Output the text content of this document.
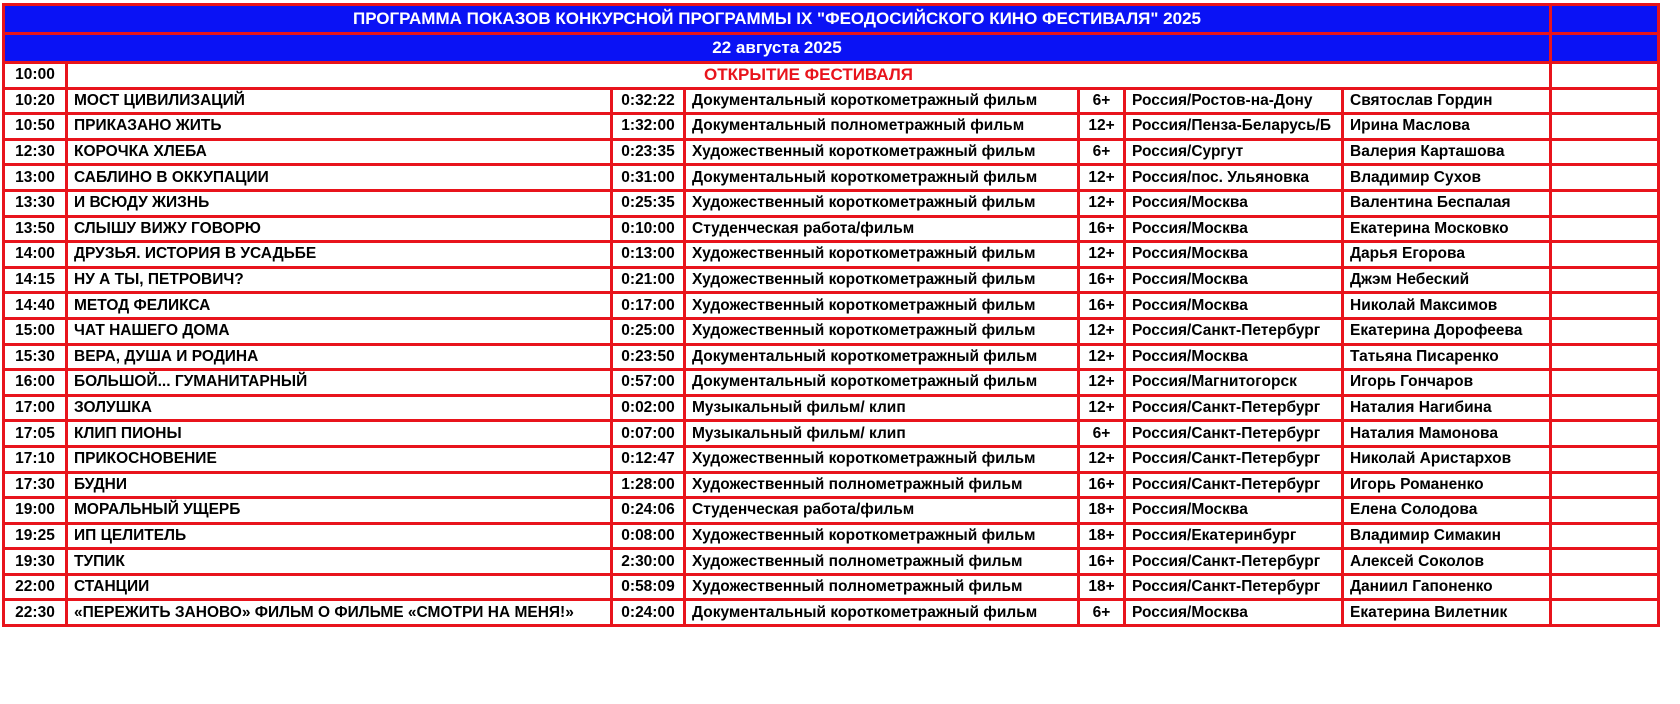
ПРОГРАММА ПОКАЗОВ КОНКУРСНОЙ ПРОГРАММЫ IX "ФЕОДОСИЙСКОГО КИНО ФЕСТИВАЛЯ" 2025							
22 августа 2025							
10:00	ОТКРЫТИЕ ФЕСТИВАЛЯ						
10:20	МОСТ ЦИВИЛИЗАЦИЙ	0:32:22	Документальный короткометражный фильм	6+	Россия/Ростов-на-Дону	Святослав Гордин	
10:50	ПРИКАЗАНО ЖИТЬ	1:32:00	Документальный полнометражный фильм	12+	Россия/Пенза-Беларусь/Б	Ирина Маслова	
12:30	КОРОЧКА ХЛЕБА	0:23:35	Художественный короткометражный фильм	6+	Россия/Сургут	Валерия Карташова	
13:00	САБЛИНО В ОККУПАЦИИ	0:31:00	Документальный короткометражный фильм	12+	Россия/пос. Ульяновка	Владимир Сухов	
13:30	И ВСЮДУ ЖИЗНЬ	0:25:35	Художественный короткометражный фильм	12+	Россия/Москва	Валентина Беспалая	
13:50	СЛЫШУ ВИЖУ ГОВОРЮ	0:10:00	Студенческая работа/фильм	16+	Россия/Москва	Екатерина Московко	
14:00	ДРУЗЬЯ. ИСТОРИЯ В УСАДЬБЕ	0:13:00	Художественный короткометражный фильм	12+	Россия/Москва	Дарья Егорова	
14:15	НУ А ТЫ, ПЕТРОВИЧ?	0:21:00	Художественный короткометражный фильм	16+	Россия/Москва	Джэм Небеский	
14:40	МЕТОД ФЕЛИКСА	0:17:00	Художественный короткометражный фильм	16+	Россия/Москва	Николай Максимов	
15:00	ЧАТ НАШЕГО ДОМА	0:25:00	Художественный короткометражный фильм	12+	Россия/Санкт-Петербург	Екатерина Дорофеева	
15:30	ВЕРА, ДУША И РОДИНА	0:23:50	Документальный короткометражный фильм	12+	Россия/Москва	Татьяна Писаренко	
16:00	БОЛЬШОЙ... ГУМАНИТАРНЫЙ	0:57:00	Документальный короткометражный фильм	12+	Россия/Магнитогорск	Игорь Гончаров	
17:00	ЗОЛУШКА	0:02:00	Музыкальный фильм/ клип	12+	Россия/Санкт-Петербург	Наталия Нагибина	
17:05	КЛИП ПИОНЫ	0:07:00	Музыкальный фильм/ клип	6+	Россия/Санкт-Петербург	Наталия Мамонова	
17:10	ПРИКОСНОВЕНИЕ	0:12:47	Художественный короткометражный фильм	12+	Россия/Санкт-Петербург	Николай Аристархов	
17:30	БУДНИ	1:28:00	Художественный полнометражный фильм	16+	Россия/Санкт-Петербург	Игорь Романенко	
19:00	МОРАЛЬНЫЙ УЩЕРБ	0:24:06	Студенческая работа/фильм	18+	Россия/Москва	Елена Солодова	
19:25	ИП ЦЕЛИТЕЛЬ	0:08:00	Художественный короткометражный фильм	18+	Россия/Екатеринбург	Владимир Симакин	
19:30	ТУПИК	2:30:00	Художественный полнометражный фильм	16+	Россия/Санкт-Петербург	Алексей Соколов	
22:00	СТАНЦИИ	0:58:09	Художественный полнометражный фильм	18+	Россия/Санкт-Петербург	Даниил Гапоненко	
22:30	«ПЕРЕЖИТЬ ЗАНОВО» ФИЛЬМ О ФИЛЬМЕ «СМОТРИ НА МЕНЯ!»	0:24:00	Документальный короткометражный фильм	6+	Россия/Москва	Екатерина Вилетник	
